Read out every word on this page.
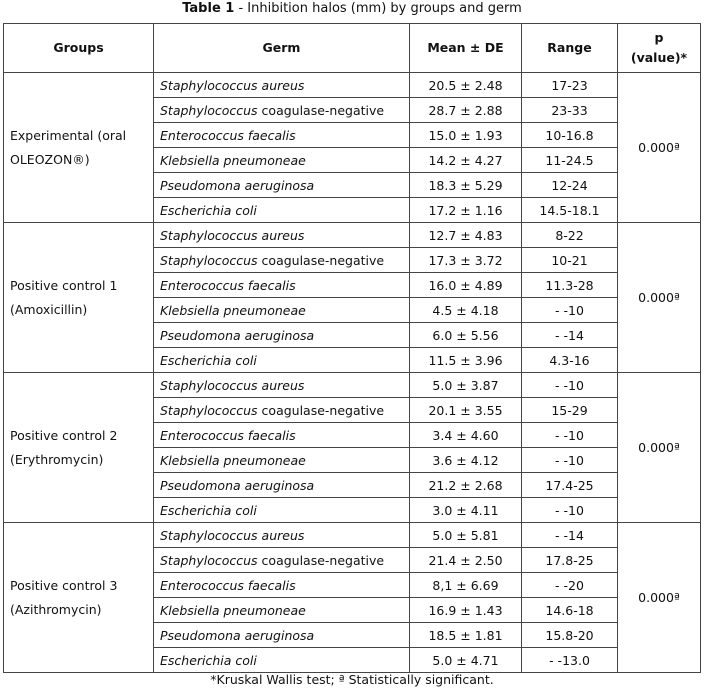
Table 1 - Inhibition halos (mm) by groups and germ
Groups	Germ	Mean ± DE	Range	p
(value)*
Experimental (oral
OLEOZON®)	Staphylococcus aureus	20.5 ± 2.48	17-23	0.000ª
	Staphylococcus coagulase-negative	28.7 ± 2.88	23-33	
	Enterococcus faecalis	15.0 ± 1.93	10-16.8	
	Klebsiella pneumoneae	14.2 ± 4.27	11-24.5	
	Pseudomona aeruginosa	18.3 ± 5.29	12-24	
	Escherichia coli	17.2 ± 1.16	14.5-18.1	
Positive control 1
(Amoxicillin)	Staphylococcus aureus	12.7 ± 4.83	8-22	0.000ª
	Staphylococcus coagulase-negative	17.3 ± 3.72	10-21	
	Enterococcus faecalis	16.0 ± 4.89	11.3-28	
	Klebsiella pneumoneae	4.5 ± 4.18	- -10	
	Pseudomona aeruginosa	6.0 ± 5.56	- -14	
	Escherichia coli	11.5 ± 3.96	4.3-16	
Positive control 2
(Erythromycin)	Staphylococcus aureus	5.0 ± 3.87	- -10	0.000ª
	Staphylococcus coagulase-negative	20.1 ± 3.55	15-29	
	Enterococcus faecalis	3.4 ± 4.60	- -10	
	Klebsiella pneumoneae	3.6 ± 4.12	- -10	
	Pseudomona aeruginosa	21.2 ± 2.68	17.4-25	
	Escherichia coli	3.0 ± 4.11	- -10	
Positive control 3
(Azithromycin)	Staphylococcus aureus	5.0 ± 5.81	- -14	0.000ª
	Staphylococcus coagulase-negative	21.4 ± 2.50	17.8-25	
	Enterococcus faecalis	8,1 ± 6.69	- -20	
	Klebsiella pneumoneae	16.9 ± 1.43	14.6-18	
	Pseudomona aeruginosa	18.5 ± 1.81	15.8-20	
	Escherichia coli	5.0 ± 4.71	- -13.0	
*Kruskal Wallis test; ª Statistically significant.
